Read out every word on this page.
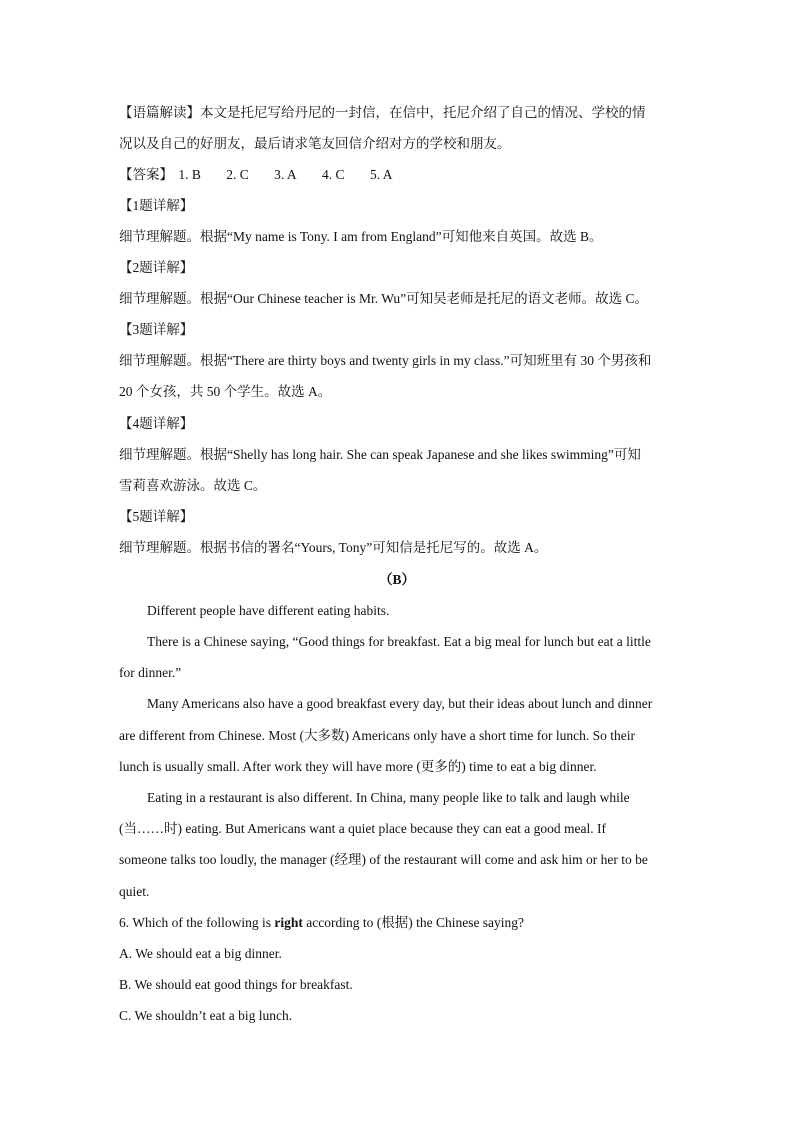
【语篇解读】本文是托尼写给丹尼的一封信，在信中，托尼介绍了自己的情况、学校的情
况以及自己的好朋友，最后请求笔友回信介绍对方的学校和朋友。
【答案】 1. B 2. C 3. A 4. C 5. A
【1题详解】
细节理解题。根据“My name is Tony. I am from England”可知他来自英国。故选 B。
【2题详解】
细节理解题。根据“Our Chinese teacher is Mr. Wu”可知吴老师是托尼的语文老师。故选 C。
【3题详解】
细节理解题。根据“There are thirty boys and twenty girls in my class.”可知班里有 30 个男孩和
20 个女孩，共 50 个学生。故选 A。
【4题详解】
细节理解题。根据“Shelly has long hair. She can speak Japanese and she likes swimming”可知
雪莉喜欢游泳。故选 C。
【5题详解】
细节理解题。根据书信的署名“Yours, Tony”可知信是托尼写的。故选 A。
（B）
Different people have different eating habits.
There is a Chinese saying, “Good things for breakfast. Eat a big meal for lunch but eat a little
for dinner.”
Many Americans also have a good breakfast every day, but their ideas about lunch and dinner
are different from Chinese. Most (大多数) Americans only have a short time for lunch. So their
lunch is usually small. After work they will have more (更多的) time to eat a big dinner.
Eating in a restaurant is also different. In China, many people like to talk and laugh while
(当……时) eating. But Americans want a quiet place because they can eat a good meal. If
someone talks too loudly, the manager (经理) of the restaurant will come and ask him or her to be
quiet.
6. Which of the following is right according to (根据) the Chinese saying?
A. We should eat a big dinner.
B. We should eat good things for breakfast.
C. We shouldn’t eat a big lunch.
